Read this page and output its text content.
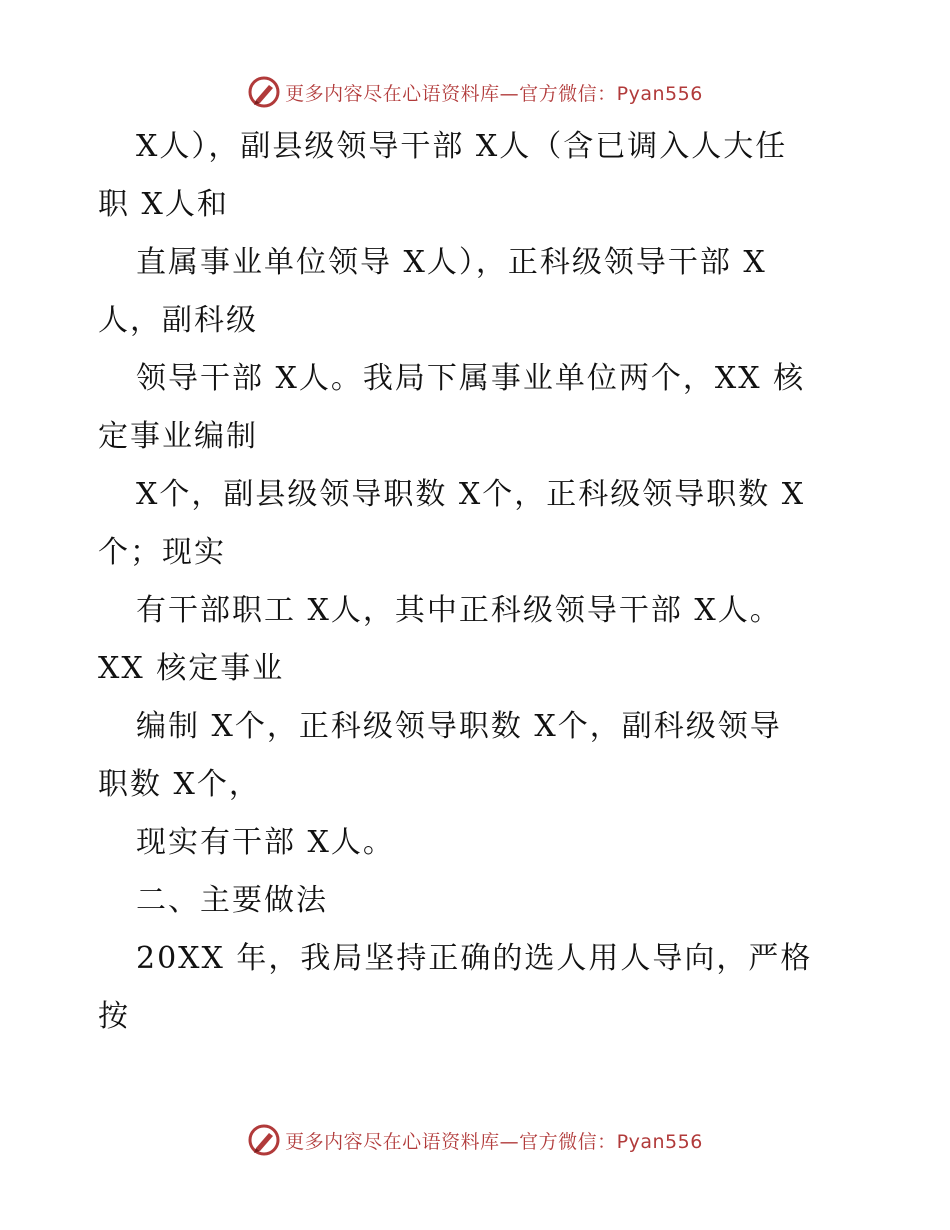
更多内容尽在心语资料库—官方微信：Pyan556
X人），副县级领导干部 X人（含已调入人大任
职 X人和
直属事业单位领导 X人），正科级领导干部 X
人，副科级
领导干部 X人。我局下属事业单位两个，XX 核
定事业编制
X个，副县级领导职数 X个，正科级领导职数 X
个；现实
有干部职工 X人，其中正科级领导干部 X人。
XX 核定事业
编制 X个，正科级领导职数 X个，副科级领导
职数 X个，
现实有干部 X人。
二、主要做法
20XX 年，我局坚持正确的选人用人导向，严格
按
更多内容尽在心语资料库—官方微信：Pyan556
